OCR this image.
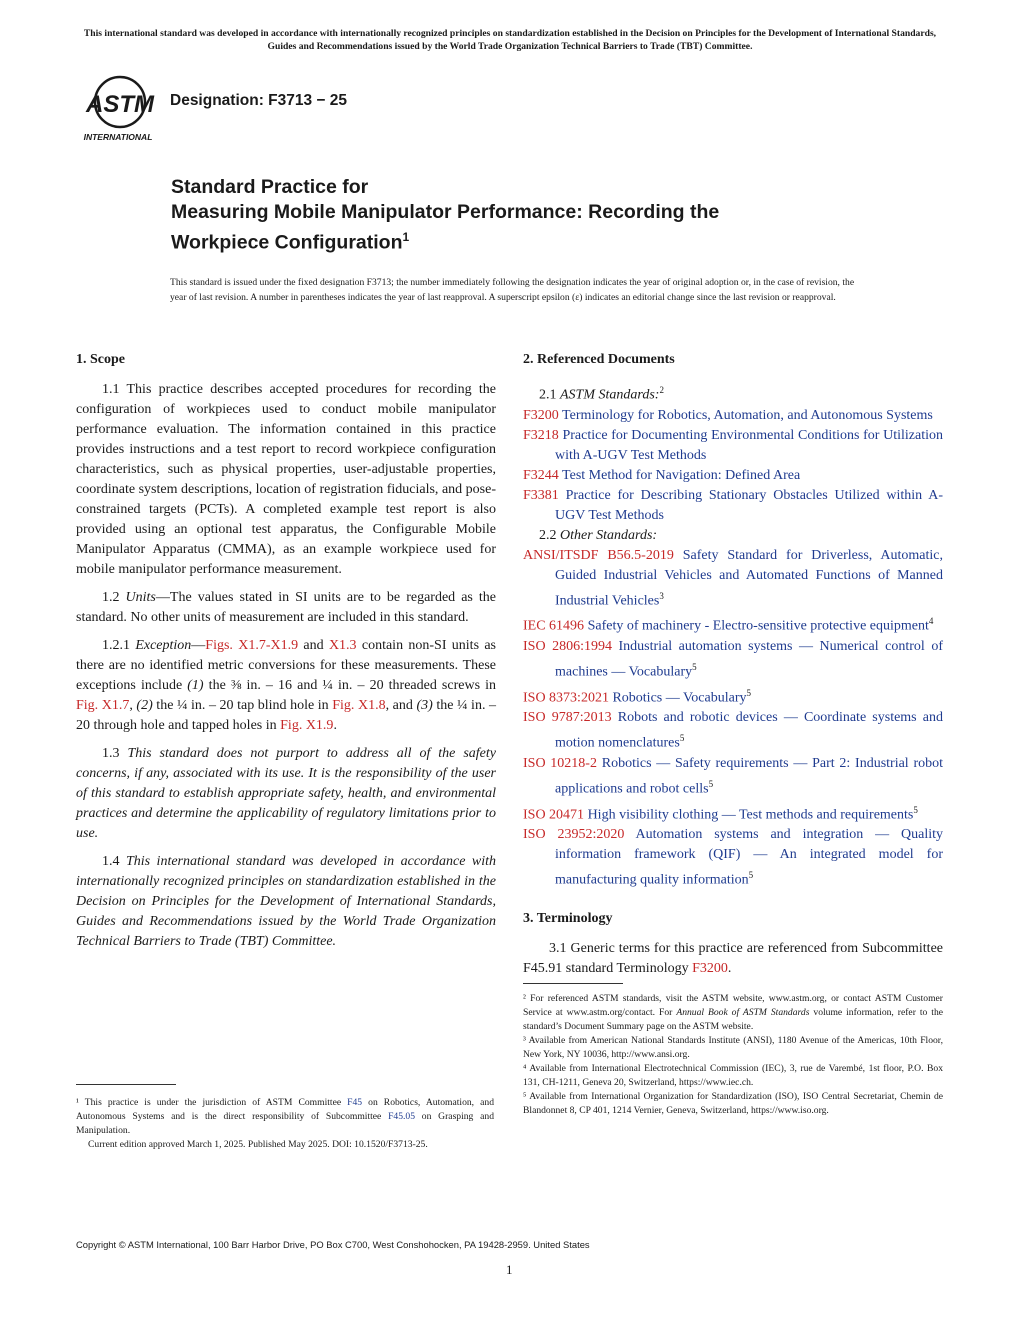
This international standard was developed in accordance with internationally recognized principles on standardization established in the Decision on Principles for the Development of International Standards, Guides and Recommendations issued by the World Trade Organization Technical Barriers to Trade (TBT) Committee.
ASTM
INTERNATIONAL
Designation: F3713 − 25
Standard Practice for
Measuring Mobile Manipulator Performance: Recording the
Workpiece Configuration$^1$
This standard is issued under the fixed designation F3713; the number immediately following the designation indicates the year of original adoption or, in the case of revision, the year of last revision. A number in parentheses indicates the year of last reapproval. A superscript epsilon (ε) indicates an editorial change since the last revision or reapproval.
1. Scope

1.1 This practice describes accepted procedures for recording the configuration of workpieces used to conduct mobile manipulator performance evaluation. The information contained in this practice provides instructions and a test report to record workpiece configuration characteristics, such as physical properties, user-adjustable properties, coordinate system descriptions, location of registration fiducials, and pose-constrained targets (PCTs). A completed example test report is also provided using an optional test apparatus, the Configurable Mobile Manipulator Apparatus (CMMA), as an example workpiece used for mobile manipulator performance measurement.

1.2 Units—The values stated in SI units are to be regarded as the standard. No other units of measurement are included in this standard.

1.2.1 Exception—Figs. X1.7-X1.9 and X1.3 contain non-SI units as there are no identified metric conversions for these measurements. These exceptions include (1) the ⅜ in. – 16 and ¼ in. – 20 threaded screws in Fig. X1.7, (2) the ¼ in. – 20 tap blind hole in Fig. X1.8, and (3) the ¼ in. – 20 through hole and tapped holes in Fig. X1.9.

1.3 This standard does not purport to address all of the safety concerns, if any, associated with its use. It is the responsibility of the user of this standard to establish appropriate safety, health, and environmental practices and determine the applicability of regulatory limitations prior to use.

1.4 This international standard was developed in accordance with internationally recognized principles on standardization established in the Decision on Principles for the Development of International Standards, Guides and Recommendations issued by the World Trade Organization Technical Barriers to Trade (TBT) Committee.

2. Referenced Documents

2.1 ASTM Standards:$^2$

F3200 Terminology for Robotics, Automation, and Autonomous Systems

F3218 Practice for Documenting Environmental Conditions for Utilization with A-UGV Test Methods

F3244 Test Method for Navigation: Defined Area

F3381 Practice for Describing Stationary Obstacles Utilized within A-UGV Test Methods

2.2 Other Standards:

ANSI/ITSDF B56.5-2019 Safety Standard for Driverless, Automatic, Guided Industrial Vehicles and Automated Functions of Manned Industrial Vehicles$^3$

IEC 61496 Safety of machinery - Electro-sensitive protective equipment$^4$

ISO 2806:1994 Industrial automation systems — Numerical control of machines — Vocabulary$^5$

ISO 8373:2021 Robotics — Vocabulary$^5$

ISO 9787:2013 Robots and robotic devices — Coordinate systems and motion nomenclatures$^5$

ISO 10218-2 Robotics — Safety requirements — Part 2: Industrial robot applications and robot cells$^5$

ISO 20471 High visibility clothing — Test methods and requirements$^5$

ISO 23952:2020 Automation systems and integration — Quality information framework (QIF) — An integrated model for manufacturing quality information$^5$

3. Terminology

3.1 Generic terms for this practice are referenced from Subcommittee F45.91 standard Terminology F3200.

¹ This practice is under the jurisdiction of ASTM Committee F45 on Robotics, Automation, and Autonomous Systems and is the direct responsibility of Subcommittee F45.05 on Grasping and Manipulation.
Current edition approved March 1, 2025. Published May 2025. DOI: 10.1520/F3713-25.
² For referenced ASTM standards, visit the ASTM website, www.astm.org, or contact ASTM Customer Service at www.astm.org/contact. For Annual Book of ASTM Standards volume information, refer to the standard’s Document Summary page on the ASTM website.
³ Available from American National Standards Institute (ANSI), 1180 Avenue of the Americas, 10th Floor, New York, NY 10036, http://www.ansi.org.
⁴ Available from International Electrotechnical Commission (IEC), 3, rue de Varembé, 1st floor, P.O. Box 131, CH-1211, Geneva 20, Switzerland, https://www.iec.ch.
⁵ Available from International Organization for Standardization (ISO), ISO Central Secretariat, Chemin de Blandonnet 8, CP 401, 1214 Vernier, Geneva, Switzerland, https://www.iso.org.
Copyright © ASTM International, 100 Barr Harbor Drive, PO Box C700, West Conshohocken, PA 19428-2959. United States
1
